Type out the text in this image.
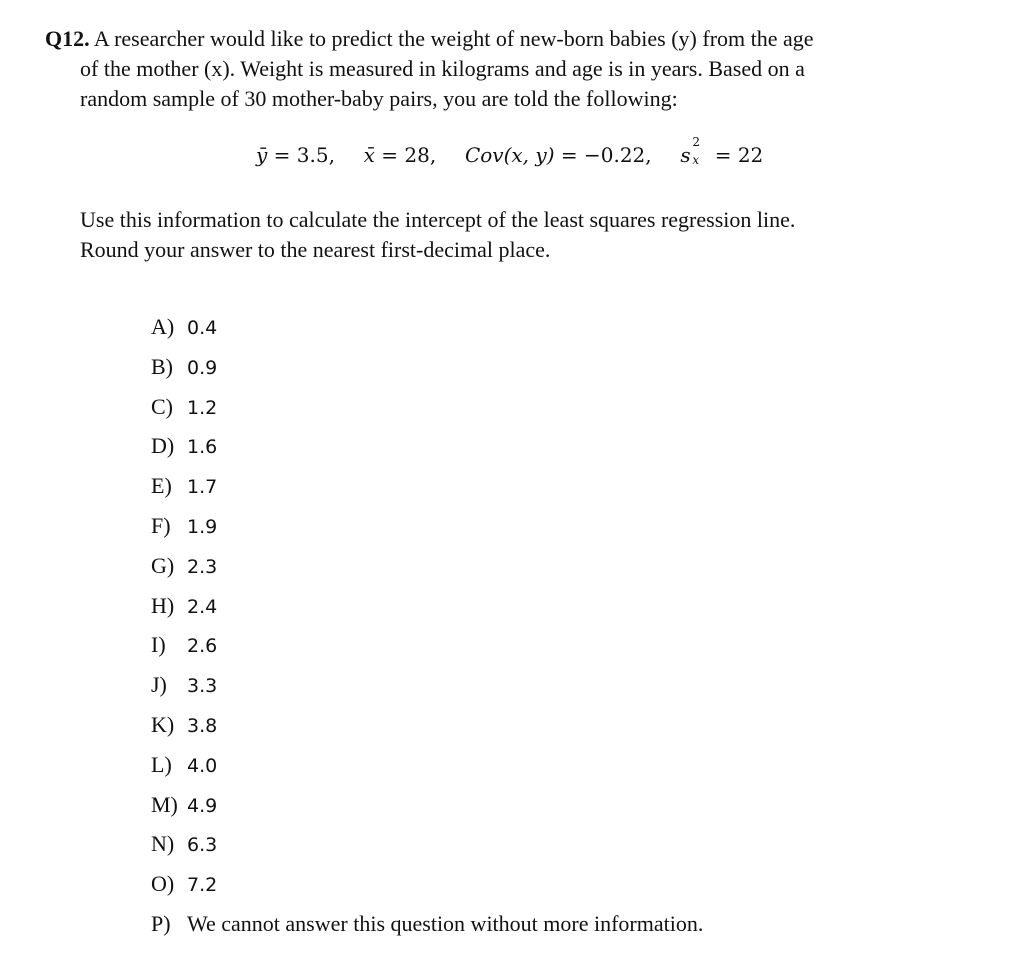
Q12. A researcher would like to predict the weight of new-born babies (y) from the age
of the mother (x). Weight is measured in kilograms and age is in years. Based on a
random sample of 30 mother-baby pairs, you are told the following:
ȳ = 3.5, x̄ = 28, Cov(x, y) = −0.22, s
2
x = 22
Use this information to calculate the intercept of the least squares regression line.
Round your answer to the nearest first-decimal place.
A) 0.4
B) 0.9
C) 1.2
D) 1.6
E) 1.7
F) 1.9
G) 2.3
H) 2.4
I) 2.6
J) 3.3
K) 3.8
L) 4.0
M) 4.9
N) 6.3
O) 7.2
P) We cannot answer this question without more information.
